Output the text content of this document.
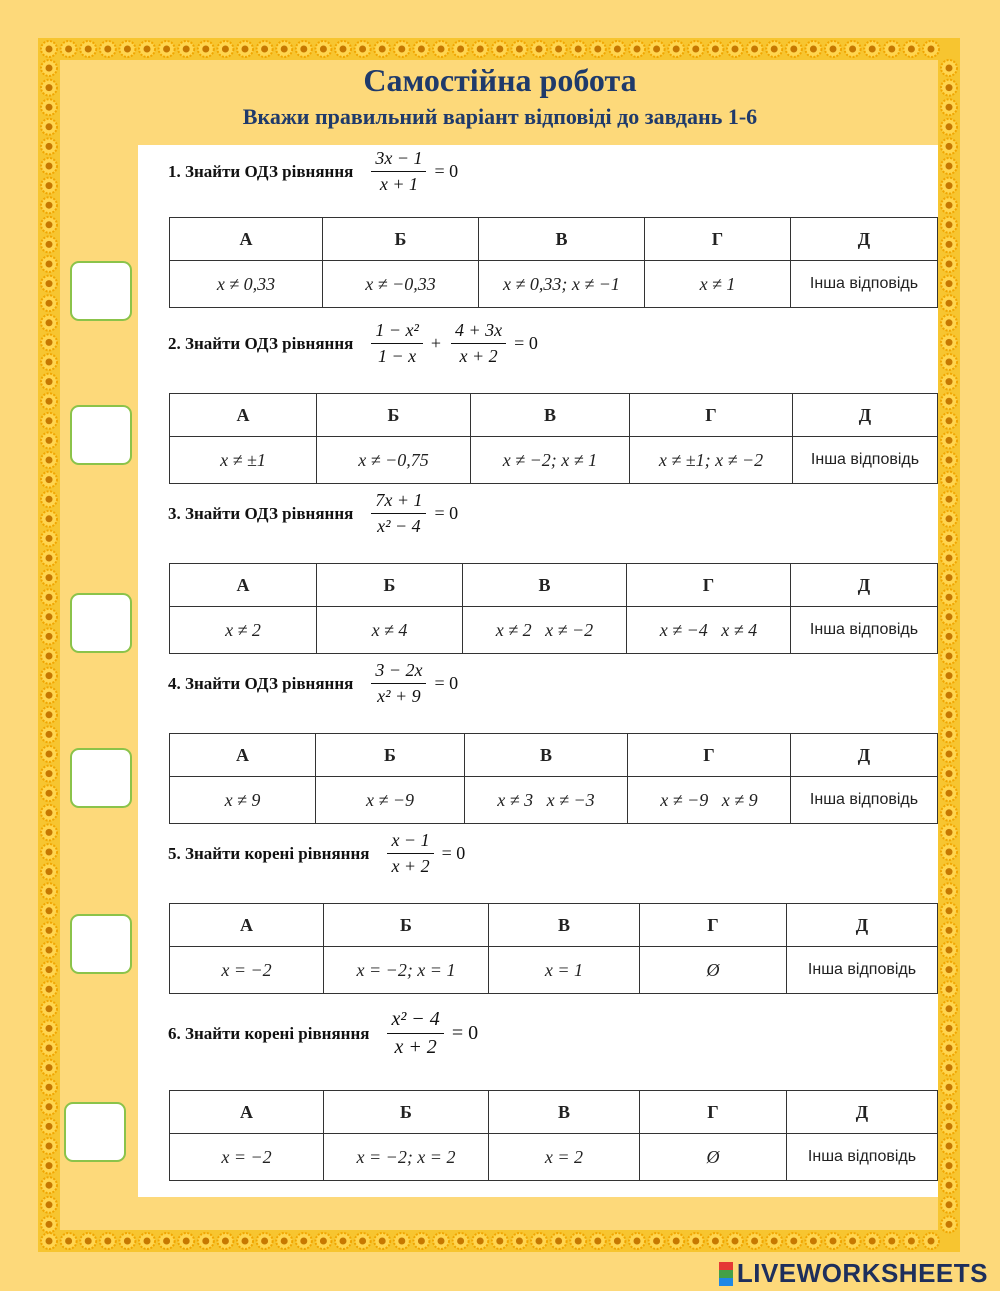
Самостійна робота
Вкажи правильний варіант відповіді до завдань 1-6
1. Знайти ОДЗ рівняння $\frac{3x - 1}{x + 1} = 0$
А	Б	В	Г	Д
x ≠ 0,33	x ≠ −0,33	x ≠ 0,33; x ≠ −1	x ≠ 1	Інша відповідь
2. Знайти ОДЗ рівняння $\frac{\text{1 − x²}}{1 - x} + \frac{4 + 3x}{x + 2} = 0$
А	Б	В	Г	Д
x ≠ ±1	x ≠ −0,75	x ≠ −2; x ≠ 1	x ≠ ±1; x ≠ −2	Інша відповідь
3. Знайти ОДЗ рівняння $\frac{7x + 1}{\text{x² − 4}} = 0$
А	Б	В	Г	Д
x ≠ 2	x ≠ 4	x ≠ 2   x ≠ −2	x ≠ −4   x ≠ 4	Інша відповідь
4. Знайти ОДЗ рівняння $\frac{3 - 2x}{\text{x² + 9}} = 0$
А	Б	В	Г	Д
x ≠ 9	x ≠ −9	x ≠ 3   x ≠ −3	x ≠ −9   x ≠ 9	Інша відповідь
5. Знайти корені рівняння $\frac{x - 1}{x + 2} = 0$
А	Б	В	Г	Д
x = −2	x = −2; x = 1	x = 1	Ø	Інша відповідь
6. Знайти корені рівняння $\frac{\text{x² − 4}}{x + 2} = 0$
А	Б	В	Г	Д
x = −2	x = −2; x = 2	x = 2	Ø	Інша відповідь
LIVEWORKSHEETS
